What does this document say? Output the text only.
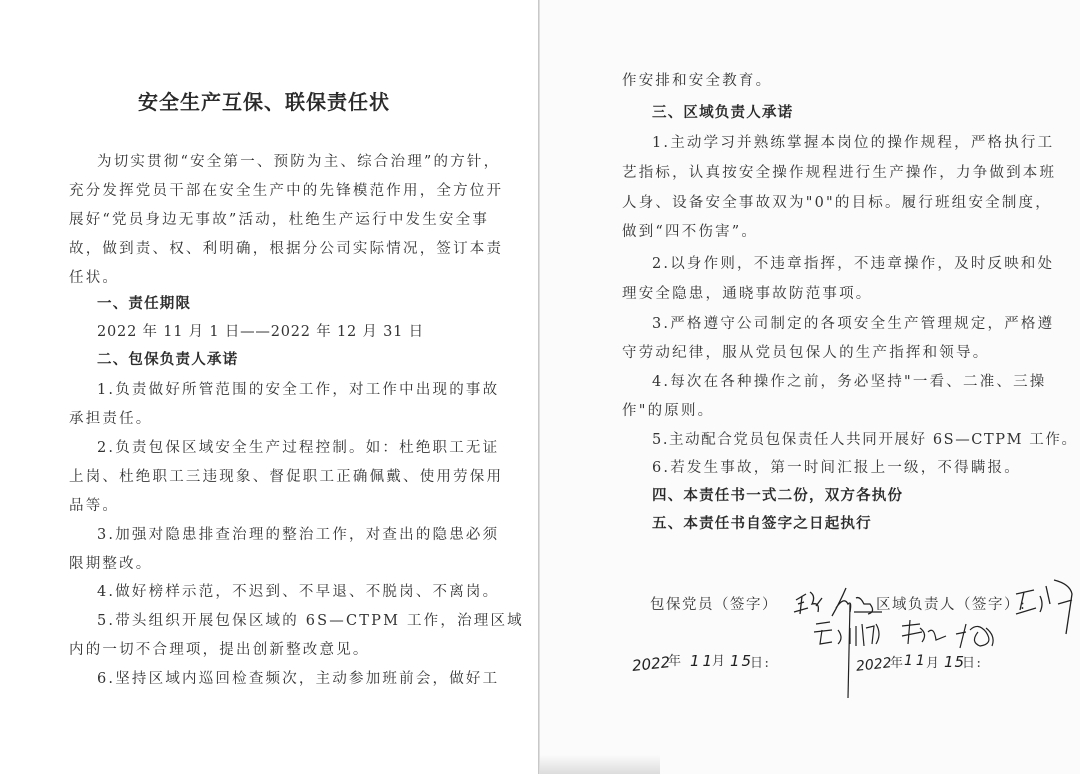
安全生产互保、联保责任状
为切实贯彻“安全第一、预防为主、综合治理”的方针，
充分发挥党员干部在安全生产中的先锋模范作用，全方位开
展好“党员身边无事故”活动，杜绝生产运行中发生安全事
故，做到责、权、利明确，根据分公司实际情况，签订本责
任状。
一、责任期限
2022 年 11 月 1 日——2022 年 12 月 31 日
二、包保负责人承诺
1.负责做好所管范围的安全工作，对工作中出现的事故
承担责任。
2.负责包保区域安全生产过程控制。如：杜绝职工无证
上岗、杜绝职工三违现象、督促职工正确佩戴、使用劳保用
品等。
3.加强对隐患排查治理的整治工作，对查出的隐患必须
限期整改。
4.做好榜样示范，不迟到、不早退、不脱岗、不离岗。
5.带头组织开展包保区域的 6S—CTPM 工作，治理区域
内的一切不合理项，提出创新整改意见。
6.坚持区域内巡回检查频次，主动参加班前会，做好工
作安排和安全教育。
三、区域负责人承诺
1.主动学习并熟练掌握本岗位的操作规程，严格执行工
艺指标，认真按安全操作规程进行生产操作，力争做到本班
人身、设备安全事故双为"0"的目标。履行班组安全制度，
做到“四不伤害”。
2.以身作则，不违章指挥，不违章操作，及时反映和处
理安全隐患，通晓事故防范事项。
3.严格遵守公司制定的各项安全生产管理规定，严格遵
守劳动纪律，服从党员包保人的生产指挥和领导。
4.每次在各种操作之前，务必坚持"一看、二准、三操
作"的原则。
5.主动配合党员包保责任人共同开展好 6S—CTPM 工作。
6.若发生事故，第一时间汇报上一级，不得瞒报。
四、本责任书一式二份，双方各执份
五、本责任书自签字之日起执行
包保党员（签字）	区域负责人（签字）:
2022
年 11
月 15
日:	2022
年 11
月 15
日:
